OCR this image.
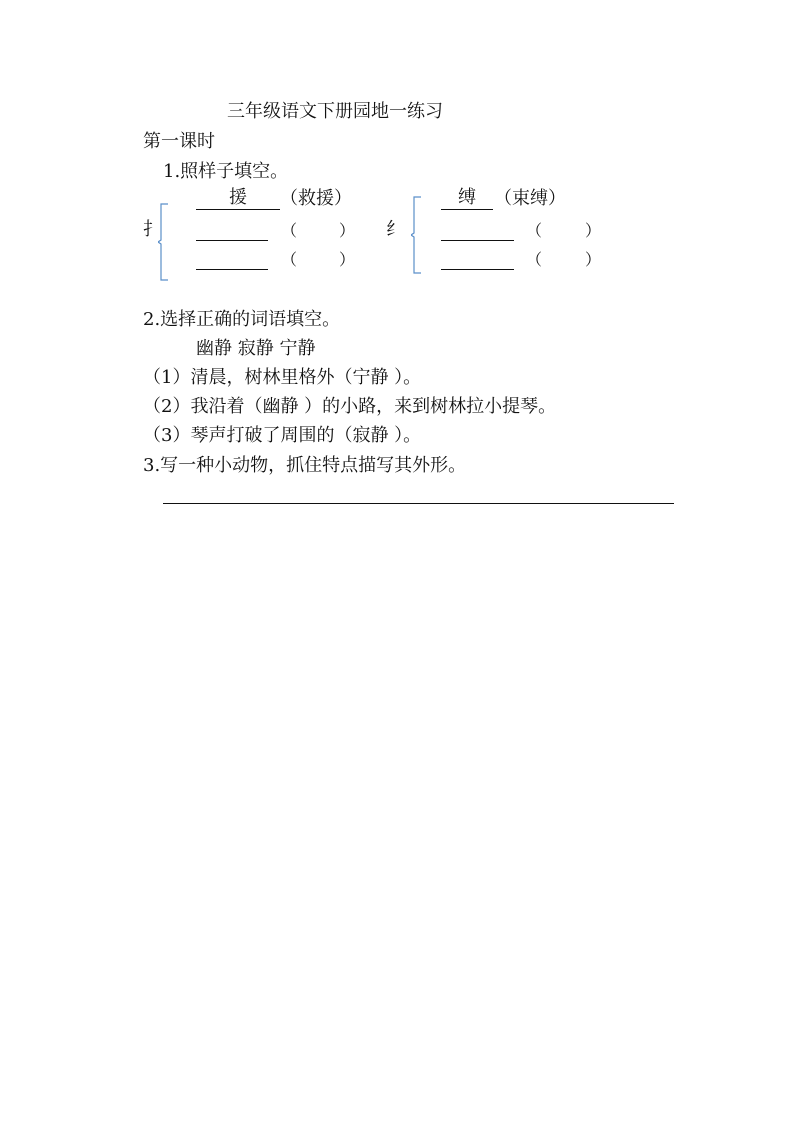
三年级语文下册园地一练习
第一课时
1.照样子填空。
扌
援	（救援）
（	）
（	）
纟
缚	（束缚）
（	）
（	）
2.选择正确的词语填空。
幽静 寂静 宁静
（1）清晨，树林里格外（宁静 ）。
（2）我沿着（幽静 ）的小路，来到树林拉小提琴。
（3）琴声打破了周围的（寂静 ）。
3.写一种小动物，抓住特点描写其外形。
